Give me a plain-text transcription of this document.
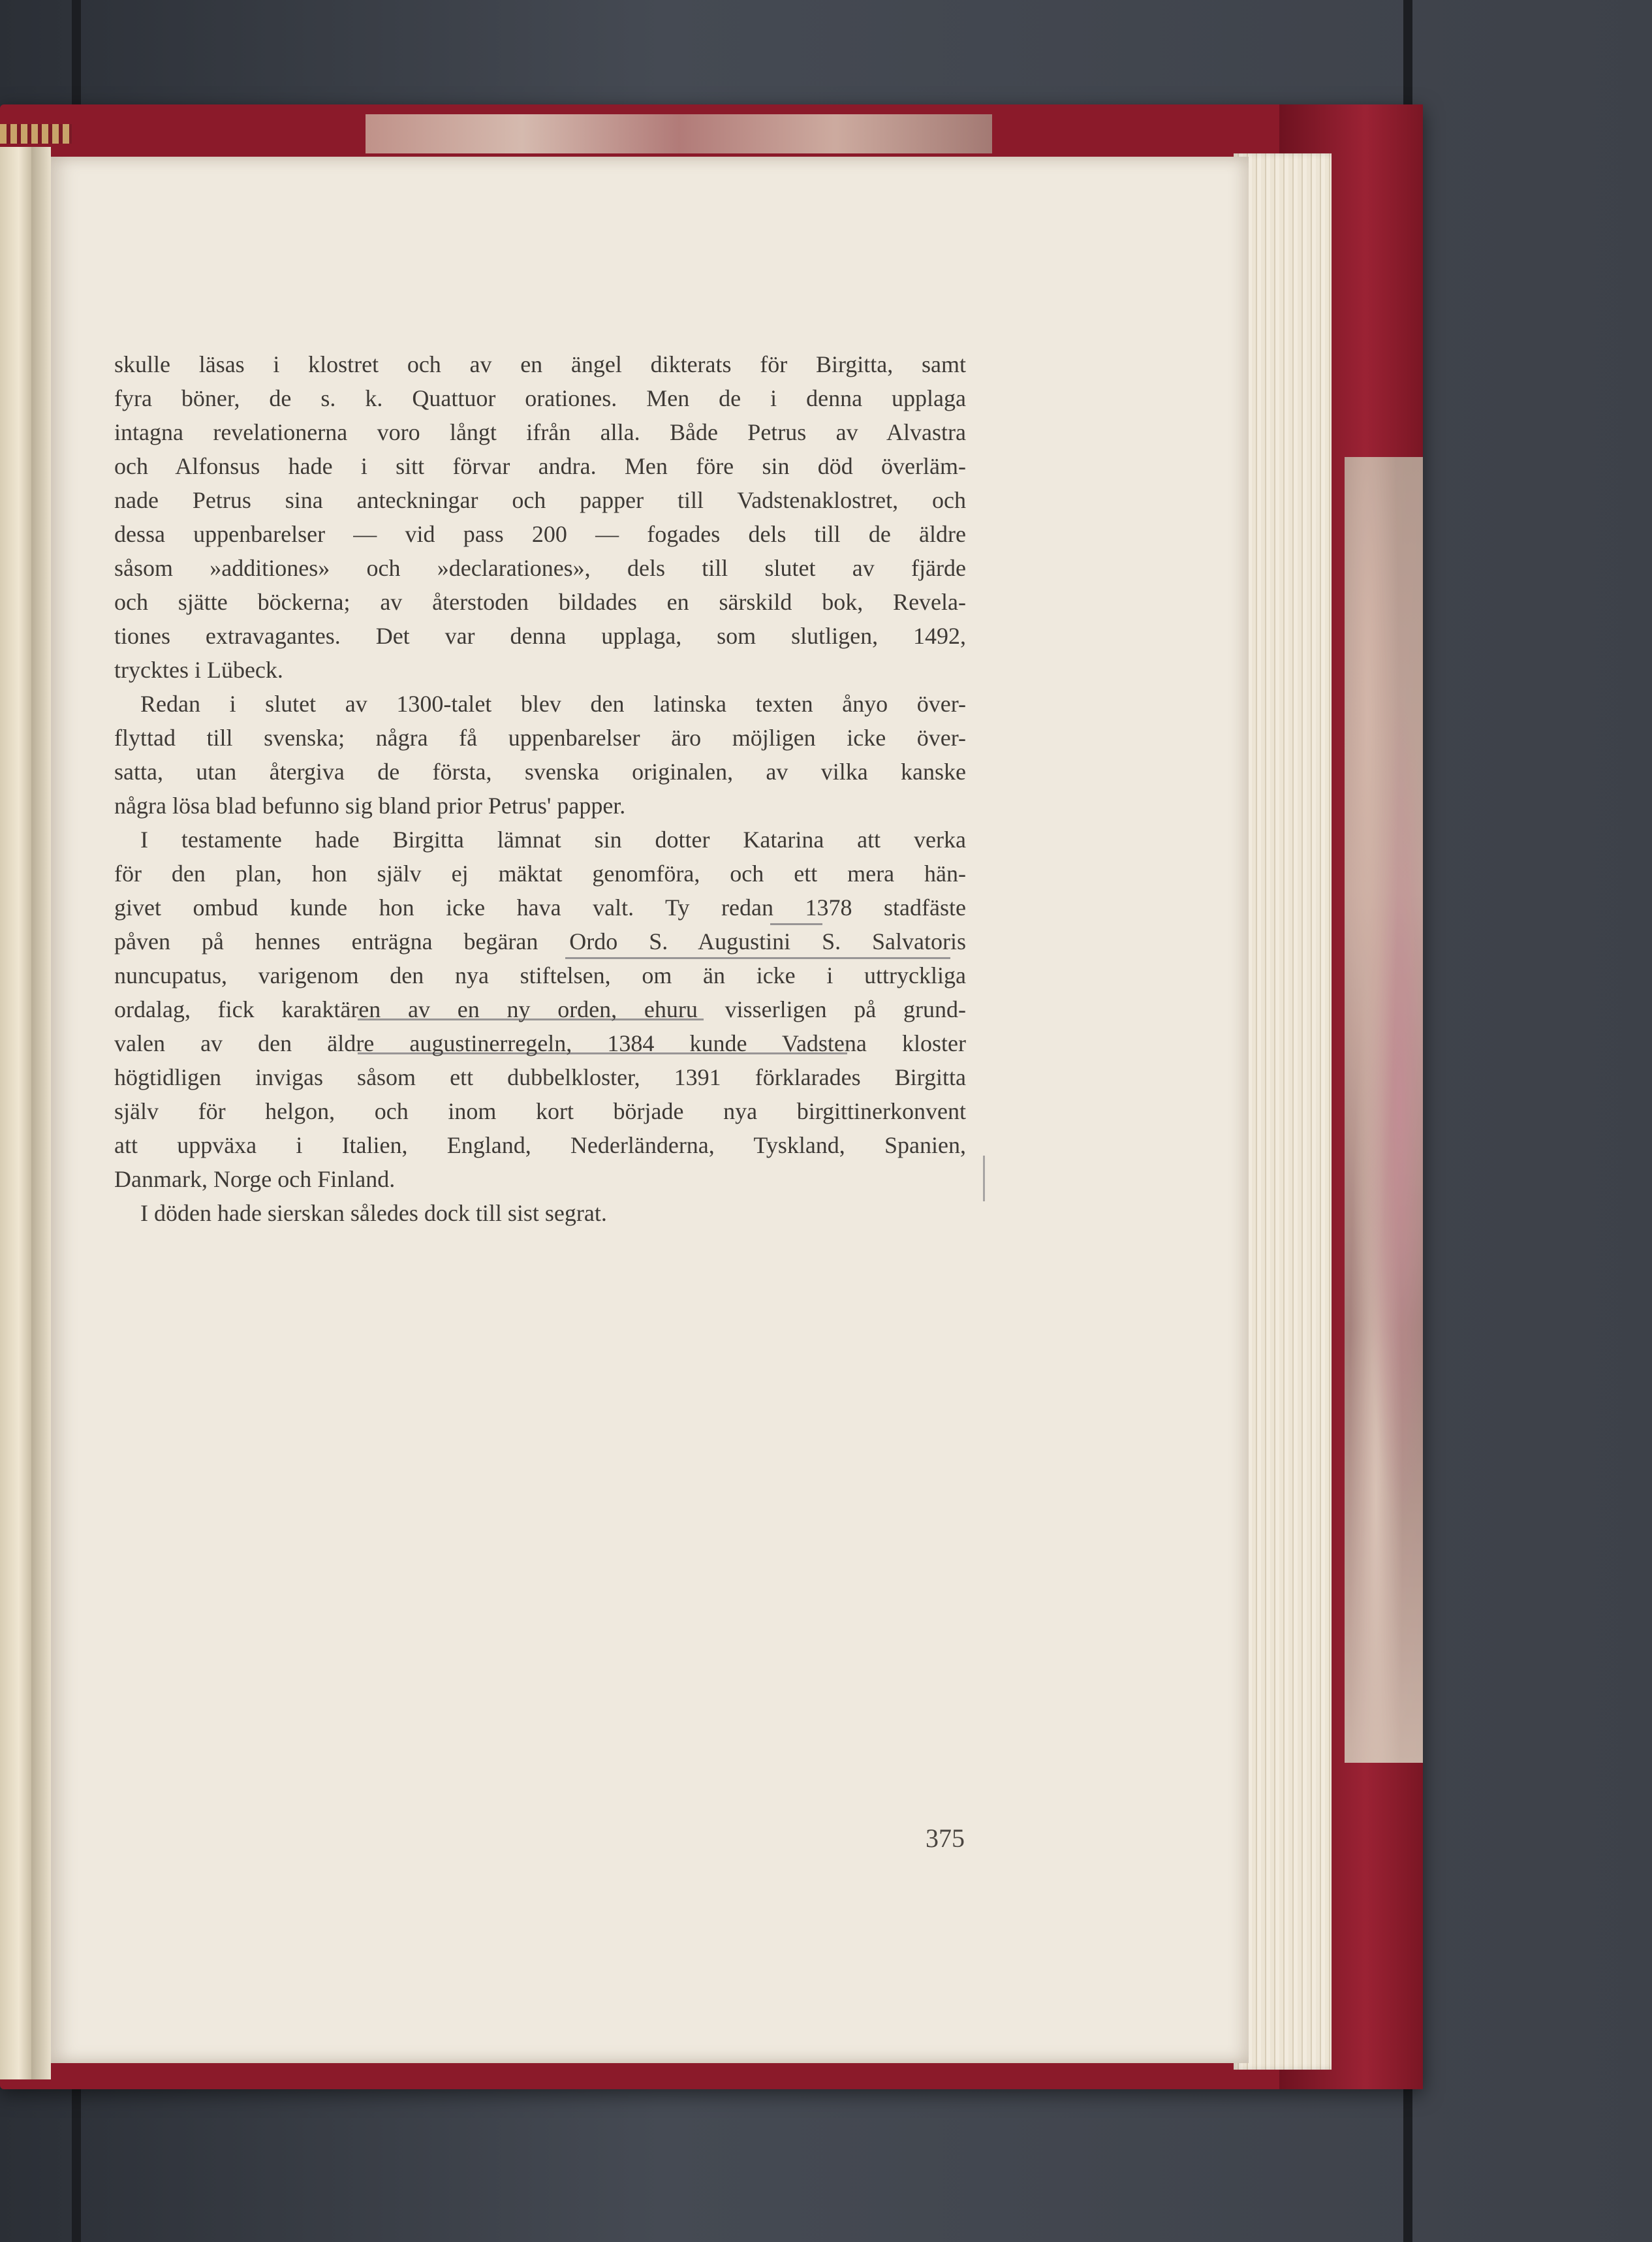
skulle läsas i klostret och av en ängel dikterats för Birgitta, samt
fyra böner, de s. k. Quattuor orationes. Men de i denna upplaga
intagna revelationerna voro långt ifrån alla. Både Petrus av Alvastra
och Alfonsus hade i sitt förvar andra. Men före sin död överläm-
nade Petrus sina anteckningar och papper till Vadstenaklostret, och
dessa uppenbarelser — vid pass 200 — fogades dels till de äldre
såsom »additiones» och »declarationes», dels till slutet av fjärde
och sjätte böckerna; av återstoden bildades en särskild bok, Revela-
tiones extravagantes. Det var denna upplaga, som slutligen, 1492,
trycktes i Lübeck.
Redan i slutet av 1300-talet blev den latinska texten ånyo över-
flyttad till svenska; några få uppenbarelser äro möjligen icke över-
satta, utan återgiva de första, svenska originalen, av vilka kanske
några lösa blad befunno sig bland prior Petrus' papper.
I testamente hade Birgitta lämnat sin dotter Katarina att verka
för den plan, hon själv ej mäktat genomföra, och ett mera hän-
givet ombud kunde hon icke hava valt. Ty redan 1378 stadfäste
påven på hennes enträgna begäran Ordo S. Augustini S. Salvatoris
nuncupatus, varigenom den nya stiftelsen, om än icke i uttryckliga
ordalag, fick karaktären av en ny orden, ehuru visserligen på grund-
valen av den äldre augustinerregeln, 1384 kunde Vadstena kloster
högtidligen invigas såsom ett dubbelkloster, 1391 förklarades Birgitta
själv för helgon, och inom kort började nya birgittinerkonvent
att uppväxa i Italien, England, Nederländerna, Tyskland, Spanien,
Danmark, Norge och Finland.
I döden hade sierskan således dock till sist segrat.
375
